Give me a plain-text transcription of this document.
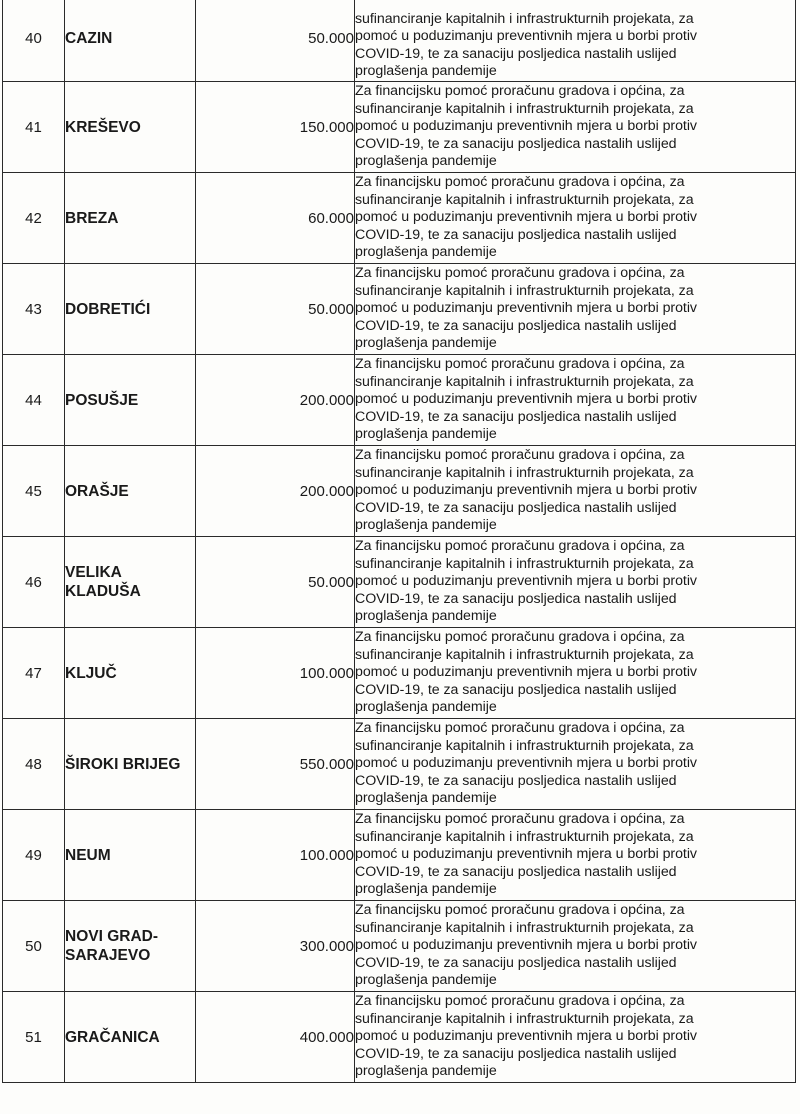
40	CAZIN	50.000	sufinanciranje kapitalnih i infrastrukturnih projekata, za
pomoć u poduzimanju preventivnih mjera u borbi protiv
COVID-19, te za sanaciju posljedica nastalih uslijed
proglašenja pandemije

41	KREŠEVO	150.000	Za financijsku pomoć proračunu gradova i općina, za
sufinanciranje kapitalnih i infrastrukturnih projekata, za
pomoć u poduzimanju preventivnih mjera u borbi protiv
COVID-19, te za sanaciju posljedica nastalih uslijed
proglašenja pandemije

42	BREZA	60.000	Za financijsku pomoć proračunu gradova i općina, za
sufinanciranje kapitalnih i infrastrukturnih projekata, za
pomoć u poduzimanju preventivnih mjera u borbi protiv
COVID-19, te za sanaciju posljedica nastalih uslijed
proglašenja pandemije

43	DOBRETIĆI	50.000	Za financijsku pomoć proračunu gradova i općina, za
sufinanciranje kapitalnih i infrastrukturnih projekata, za
pomoć u poduzimanju preventivnih mjera u borbi protiv
COVID-19, te za sanaciju posljedica nastalih uslijed
proglašenja pandemije

44	POSUŠJE	200.000	Za financijsku pomoć proračunu gradova i općina, za
sufinanciranje kapitalnih i infrastrukturnih projekata, za
pomoć u poduzimanju preventivnih mjera u borbi protiv
COVID-19, te za sanaciju posljedica nastalih uslijed
proglašenja pandemije

45	ORAŠJE	200.000	Za financijsku pomoć proračunu gradova i općina, za
sufinanciranje kapitalnih i infrastrukturnih projekata, za
pomoć u poduzimanju preventivnih mjera u borbi protiv
COVID-19, te za sanaciju posljedica nastalih uslijed
proglašenja pandemije

46	VELIKA KLADUŠA	50.000	Za financijsku pomoć proračunu gradova i općina, za
sufinanciranje kapitalnih i infrastrukturnih projekata, za
pomoć u poduzimanju preventivnih mjera u borbi protiv
COVID-19, te za sanaciju posljedica nastalih uslijed
proglašenja pandemije

47	KLJUČ	100.000	Za financijsku pomoć proračunu gradova i općina, za
sufinanciranje kapitalnih i infrastrukturnih projekata, za
pomoć u poduzimanju preventivnih mjera u borbi protiv
COVID-19, te za sanaciju posljedica nastalih uslijed
proglašenja pandemije

48	ŠIROKI BRIJEG	550.000	Za financijsku pomoć proračunu gradova i općina, za
sufinanciranje kapitalnih i infrastrukturnih projekata, za
pomoć u poduzimanju preventivnih mjera u borbi protiv
COVID-19, te za sanaciju posljedica nastalih uslijed
proglašenja pandemije

49	NEUM	100.000	Za financijsku pomoć proračunu gradova i općina, za
sufinanciranje kapitalnih i infrastrukturnih projekata, za
pomoć u poduzimanju preventivnih mjera u borbi protiv
COVID-19, te za sanaciju posljedica nastalih uslijed
proglašenja pandemije

50	NOVI GRAD-
SARAJEVO	300.000	Za financijsku pomoć proračunu gradova i općina, za
sufinanciranje kapitalnih i infrastrukturnih projekata, za
pomoć u poduzimanju preventivnih mjera u borbi protiv
COVID-19, te za sanaciju posljedica nastalih uslijed
proglašenja pandemije

51	GRAČANICA	400.000	Za financijsku pomoć proračunu gradova i općina, za
sufinanciranje kapitalnih i infrastrukturnih projekata, za
pomoć u poduzimanju preventivnih mjera u borbi protiv
COVID-19, te za sanaciju posljedica nastalih uslijed
proglašenja pandemije
